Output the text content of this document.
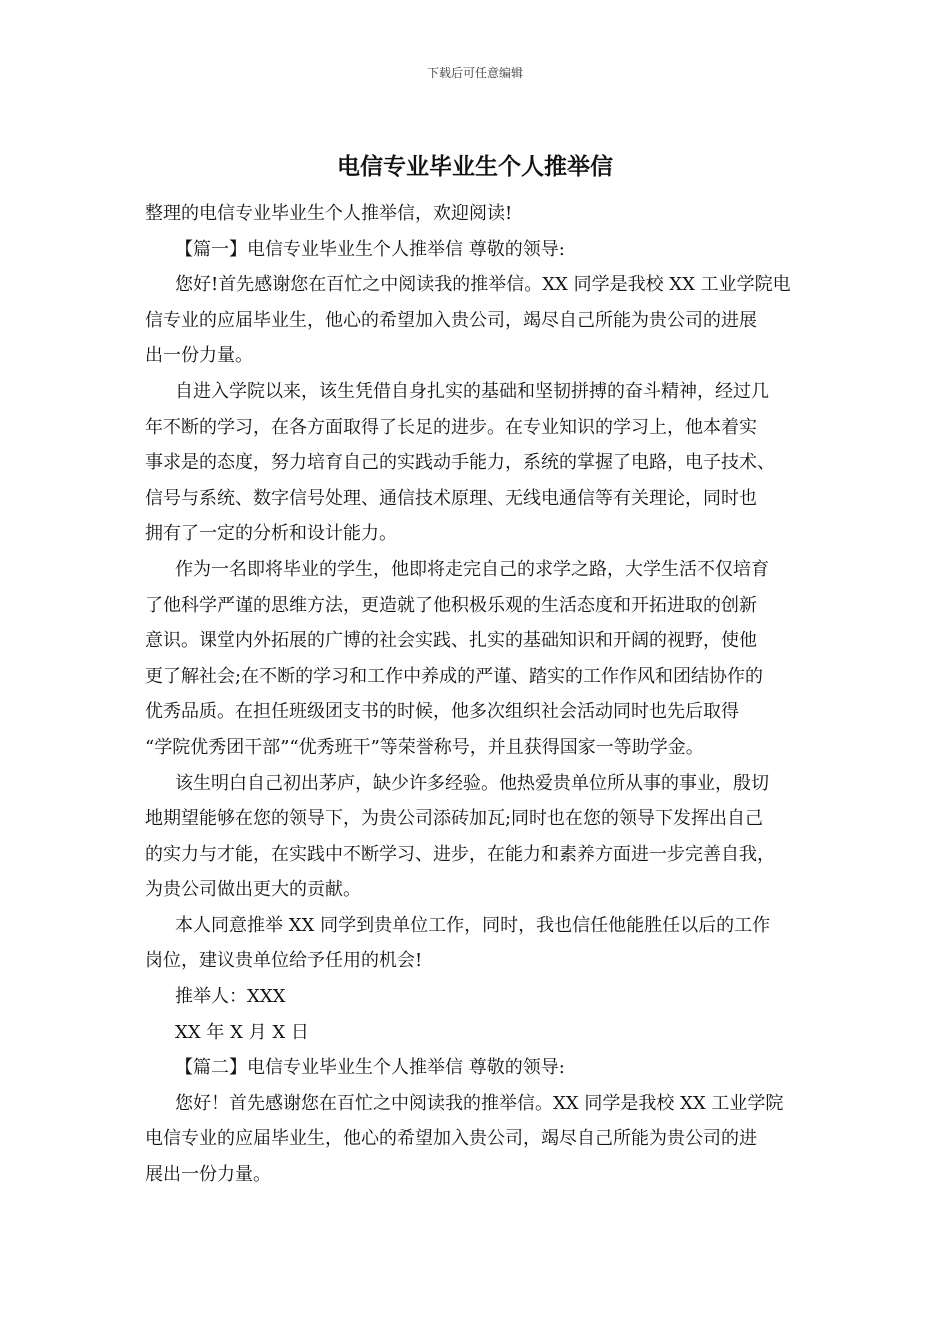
下载后可任意编辑
电信专业毕业生个人推举信
整理的电信专业毕业生个人推举信，欢迎阅读!
【篇一】电信专业毕业生个人推举信 尊敬的领导:
您好!首先感谢您在百忙之中阅读我的推举信。XX 同学是我校 XX 工业学院电
信专业的应届毕业生，他心的希望加入贵公司，竭尽自己所能为贵公司的进展
出一份力量。
自进入学院以来，该生凭借自身扎实的基础和坚韧拼搏的奋斗精神，经过几
年不断的学习，在各方面取得了长足的进步。在专业知识的学习上，他本着实
事求是的态度，努力培育自己的实践动手能力，系统的掌握了电路，电子技术、
信号与系统、数字信号处理、通信技术原理、无线电通信等有关理论，同时也
拥有了一定的分析和设计能力。
作为一名即将毕业的学生，他即将走完自己的求学之路，大学生活不仅培育
了他科学严谨的思维方法，更造就了他积极乐观的生活态度和开拓进取的创新
意识。课堂内外拓展的广博的社会实践、扎实的基础知识和开阔的视野，使他
更了解社会;在不断的学习和工作中养成的严谨、踏实的工作作风和团结协作的
优秀品质。在担任班级团支书的时候，他多次组织社会活动同时也先后取得
“学院优秀团干部”“优秀班干”等荣誉称号，并且获得国家一等助学金。
该生明白自己初出茅庐，缺少许多经验。他热爱贵单位所从事的事业，殷切
地期望能够在您的领导下，为贵公司添砖加瓦;同时也在您的领导下发挥出自己
的实力与才能，在实践中不断学习、进步，在能力和素养方面进一步完善自我，
为贵公司做出更大的贡献。
本人同意推举 XX 同学到贵单位工作，同时，我也信任他能胜任以后的工作
岗位，建议贵单位给予任用的机会!
推举人：XXX
XX 年 X 月 X 日
【篇二】电信专业毕业生个人推举信 尊敬的领导:
您好！首先感谢您在百忙之中阅读我的推举信。XX 同学是我校 XX 工业学院
电信专业的应届毕业生，他心的希望加入贵公司，竭尽自己所能为贵公司的进
展出一份力量。
